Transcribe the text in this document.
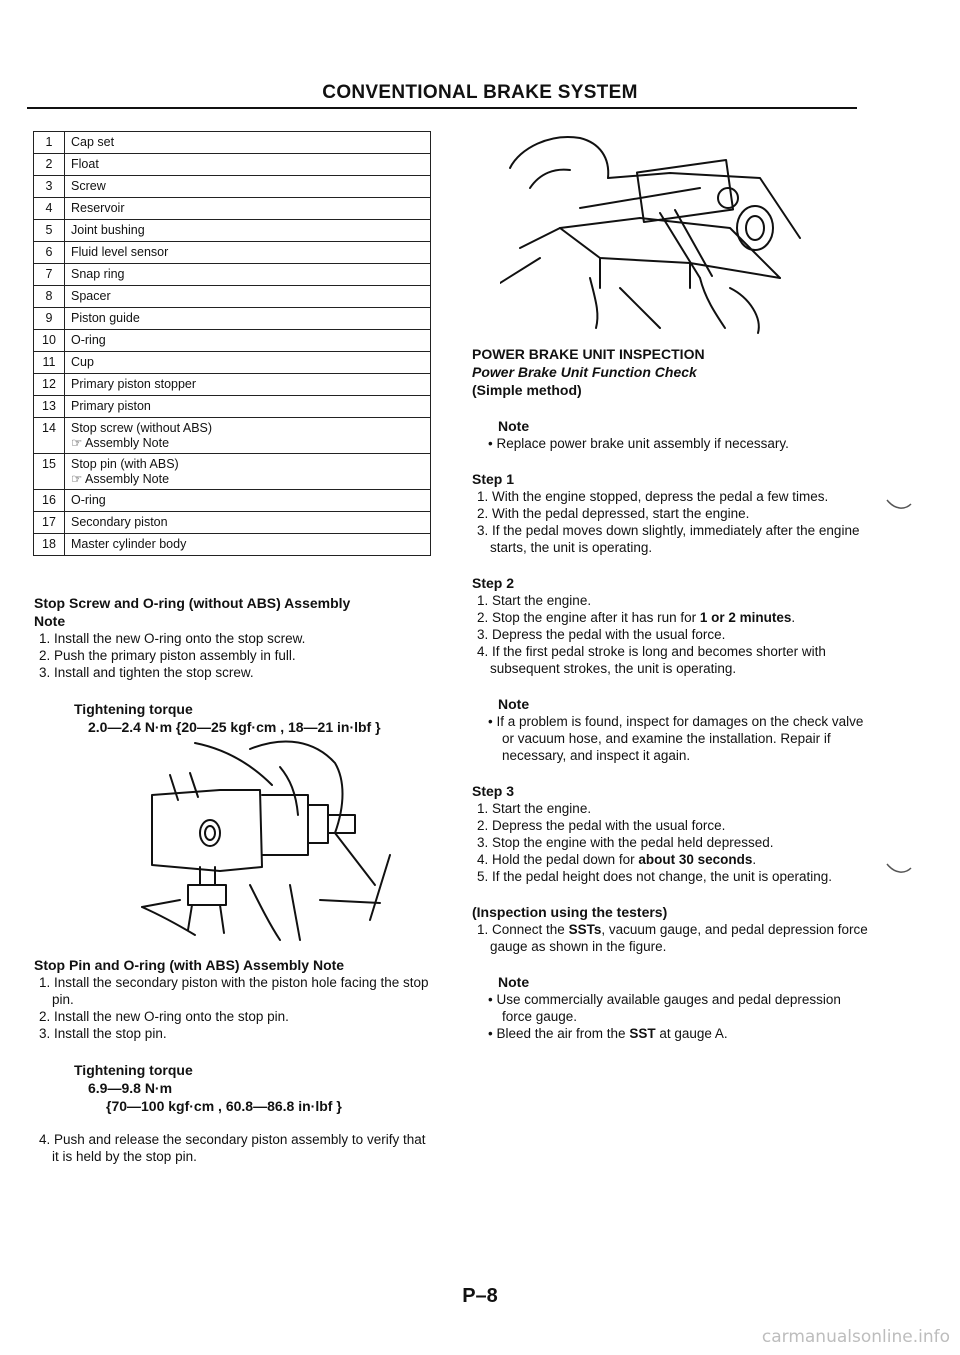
CONVENTIONAL BRAKE SYSTEM
1	Cap set

2	Float

3	Screw

4	Reservoir

5	Joint bushing

6	Fluid level sensor

7	Snap ring

8	Spacer

9	Piston guide

10	O-ring

11	Cup

12	Primary piston stopper

13	Primary piston

14	Stop screw (without ABS)
☞ Assembly Note

15	Stop pin (with ABS)
☞ Assembly Note

16	O-ring

17	Secondary piston

18	Master cylinder body
Stop Screw and O-ring (without ABS) Assembly
Note
1. Install the new O-ring onto the stop screw.
2. Push the primary piston assembly in full.
3. Install and tighten the stop screw.
Tightening torque
2.0—2.4 N·m {20—25 kgf·cm , 18—21 in·lbf }
Stop Pin and O-ring (with ABS) Assembly Note
1. Install the secondary piston with the piston hole facing the stop pin.
2. Install the new O-ring onto the stop pin.
3. Install the stop pin.
Tightening torque
6.9—9.8 N·m
{70—100 kgf·cm , 60.8—86.8 in·lbf }
4. Push and release the secondary piston assembly to verify that it is held by the stop pin.
POWER BRAKE UNIT INSPECTION
Power Brake Unit Function Check
(Simple method)
Note
• Replace power brake unit assembly if necessary.
Step 1
1. With the engine stopped, depress the pedal a few times.
2. With the pedal depressed, start the engine.
3. If the pedal moves down slightly, immediately after the engine starts, the unit is operating.
Step 2
1. Start the engine.
2. Stop the engine after it has run for 1 or 2 minutes.
3. Depress the pedal with the usual force.
4. If the first pedal stroke is long and becomes shorter with subsequent strokes, the unit is operating.
Note
• If a problem is found, inspect for damages on the check valve or vacuum hose, and examine the installation. Repair if necessary, and inspect it again.
Step 3
1. Start the engine.
2. Depress the pedal with the usual force.
3. Stop the engine with the pedal held depressed.
4. Hold the pedal down for about 30 seconds.
5. If the pedal height does not change, the unit is operating.
(Inspection using the testers)
1. Connect the SSTs, vacuum gauge, and pedal depression force gauge as shown in the figure.
Note
• Use commercially available gauges and pedal depression force gauge.
• Bleed the air from the SST at gauge A.
P–8
carmanualsonline.info
